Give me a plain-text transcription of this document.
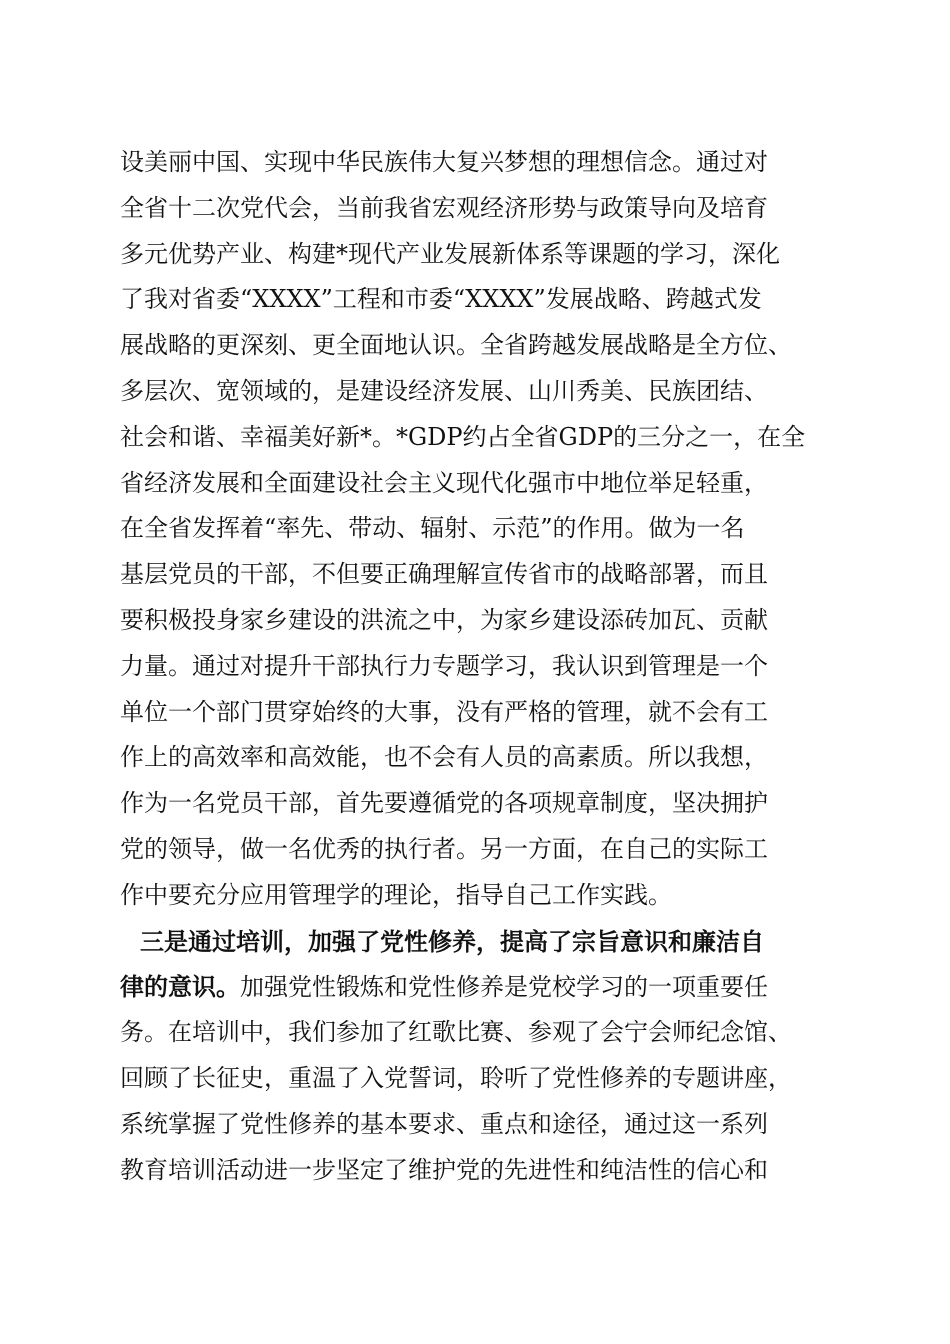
设美丽中国、实现中华民族伟大复兴梦想的理想信念。通过对
全省十二次党代会，当前我省宏观经济形势与政策导向及培育
多元优势产业、构建*现代产业发展新体系等课题的学习，深化
了我对省委“XXXX”工程和市委“XXXX”发展战略、跨越式发
展战略的更深刻、更全面地认识。全省跨越发展战略是全方位、
多层次、宽领域的，是建设经济发展、山川秀美、民族团结、
社会和谐、幸福美好新*。*GDP约占全省GDP的三分之一，在全
省经济发展和全面建设社会主义现代化强市中地位举足轻重，
在全省发挥着“率先、带动、辐射、示范”的作用。做为一名
基层党员的干部，不但要正确理解宣传省市的战略部署，而且
要积极投身家乡建设的洪流之中，为家乡建设添砖加瓦、贡献
力量。通过对提升干部执行力专题学习，我认识到管理是一个
单位一个部门贯穿始终的大事，没有严格的管理，就不会有工
作上的高效率和高效能，也不会有人员的高素质。所以我想，
作为一名党员干部，首先要遵循党的各项规章制度，坚决拥护
党的领导，做一名优秀的执行者。另一方面，在自己的实际工
作中要充分应用管理学的理论，指导自己工作实践。
三是通过培训，加强了党性修养，提高了宗旨意识和廉洁自
律的意识。加强党性锻炼和党性修养是党校学习的一项重要任
务。在培训中，我们参加了红歌比赛、参观了会宁会师纪念馆、
回顾了长征史，重温了入党誓词，聆听了党性修养的专题讲座，
系统掌握了党性修养的基本要求、重点和途径，通过这一系列
教育培训活动进一步坚定了维护党的先进性和纯洁性的信心和
